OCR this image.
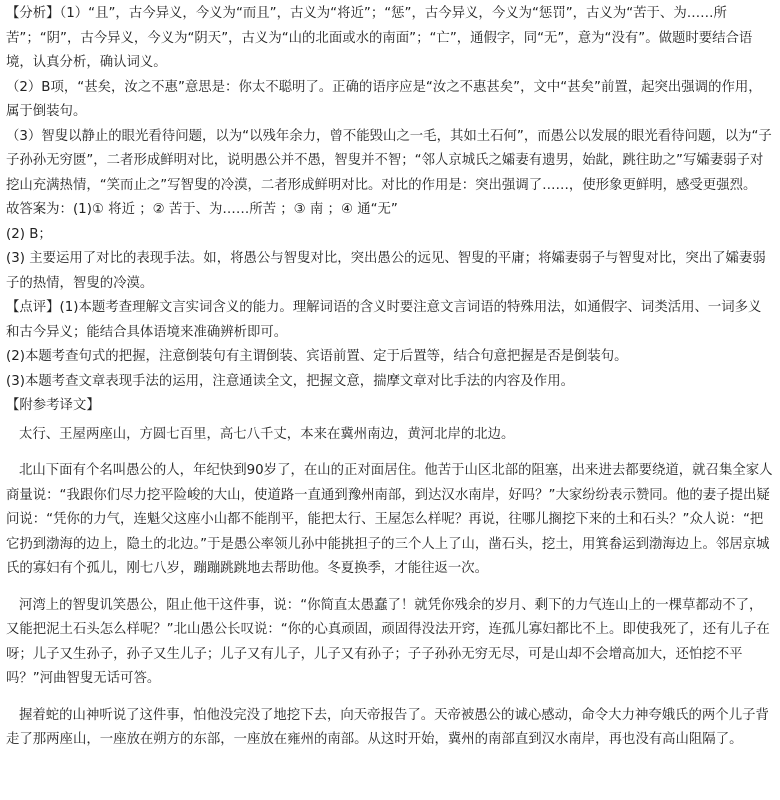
【分析】（1）“且”，古今异义，今义为“而且”，古义为“将近”；“惩”，古今异义，今义为“惩罚”，古义为“苦于、为……所苦”；“阴”，古今异义，今义为“阴天”，古义为“山的北面或水的南面”；“亡”，通假字，同“无”，意为“没有”。做题时要结合语境，认真分析，确认词义。

（2）B项，“甚矣，汝之不惠”意思是：你太不聪明了。正确的语序应是“汝之不惠甚矣”，文中“甚矣”前置，起突出强调的作用，属于倒装句。

（3）智叟以静止的眼光看待问题，以为“以残年余力，曾不能毁山之一毛，其如土石何”，而愚公以发展的眼光看待问题，以为“子子孙孙无穷匮”，二者形成鲜明对比，说明愚公并不愚，智叟并不智；“邻人京城氏之孀妻有遗男，始龀，跳往助之”写孀妻弱子对挖山充满热情，“笑而止之”写智叟的冷漠，二者形成鲜明对比。对比的作用是：突出强调了……，使形象更鲜明，感受更强烈。

故答案为：(1)① 将近 ；② 苦于、为……所苦 ；③ 南 ；④ 通“无”

(2) B；

(3) 主要运用了对比的表现手法。如，将愚公与智叟对比，突出愚公的远见、智叟的平庸；将孀妻弱子与智叟对比，突出了孀妻弱子的热情，智叟的冷漠。

【点评】(1)本题考查理解文言实词含义的能力。理解词语的含义时要注意文言词语的特殊用法，如通假字、词类活用、一词多义和古今异义；能结合具体语境来准确辨析即可。

(2)本题考查句式的把握，注意倒装句有主谓倒装、宾语前置、定于后置等，结合句意把握是否是倒装句。

(3)本题考查文章表现手法的运用，注意通读全文，把握文意，揣摩文章对比手法的内容及作用。

【附参考译文】

太行、王屋两座山，方圆七百里，高七八千丈，本来在冀州南边，黄河北岸的北边。

北山下面有个名叫愚公的人，年纪快到90岁了，在山的正对面居住。他苦于山区北部的阻塞，出来进去都要绕道，就召集全家人商量说：“我跟你们尽力挖平险峻的大山，使道路一直通到豫州南部，到达汉水南岸，好吗？”大家纷纷表示赞同。他的妻子提出疑问说：“凭你的力气，连魁父这座小山都不能削平，能把太行、王屋怎么样呢？再说，往哪儿搁挖下来的土和石头？”众人说：“把它扔到渤海的边上，隐土的北边。”于是愚公率领儿孙中能挑担子的三个人上了山，凿石头，挖土，用箕畚运到渤海边上。邻居京城氏的寡妇有个孤儿，刚七八岁，蹦蹦跳跳地去帮助他。冬夏换季，才能往返一次。

河湾上的智叟讥笑愚公，阻止他干这件事，说：“你简直太愚蠢了！就凭你残余的岁月、剩下的力气连山上的一棵草都动不了，又能把泥土石头怎么样呢？”北山愚公长叹说：“你的心真顽固，顽固得没法开窍，连孤儿寡妇都比不上。即使我死了，还有儿子在呀；儿子又生孙子，孙子又生儿子；儿子又有儿子，儿子又有孙子；子子孙孙无穷无尽，可是山却不会增高加大，还怕挖不平吗？”河曲智叟无话可答。

握着蛇的山神听说了这件事，怕他没完没了地挖下去，向天帝报告了。天帝被愚公的诚心感动，命令大力神夸娥氏的两个儿子背走了那两座山，一座放在朔方的东部，一座放在雍州的南部。从这时开始，冀州的南部直到汉水南岸，再也没有高山阻隔了。
